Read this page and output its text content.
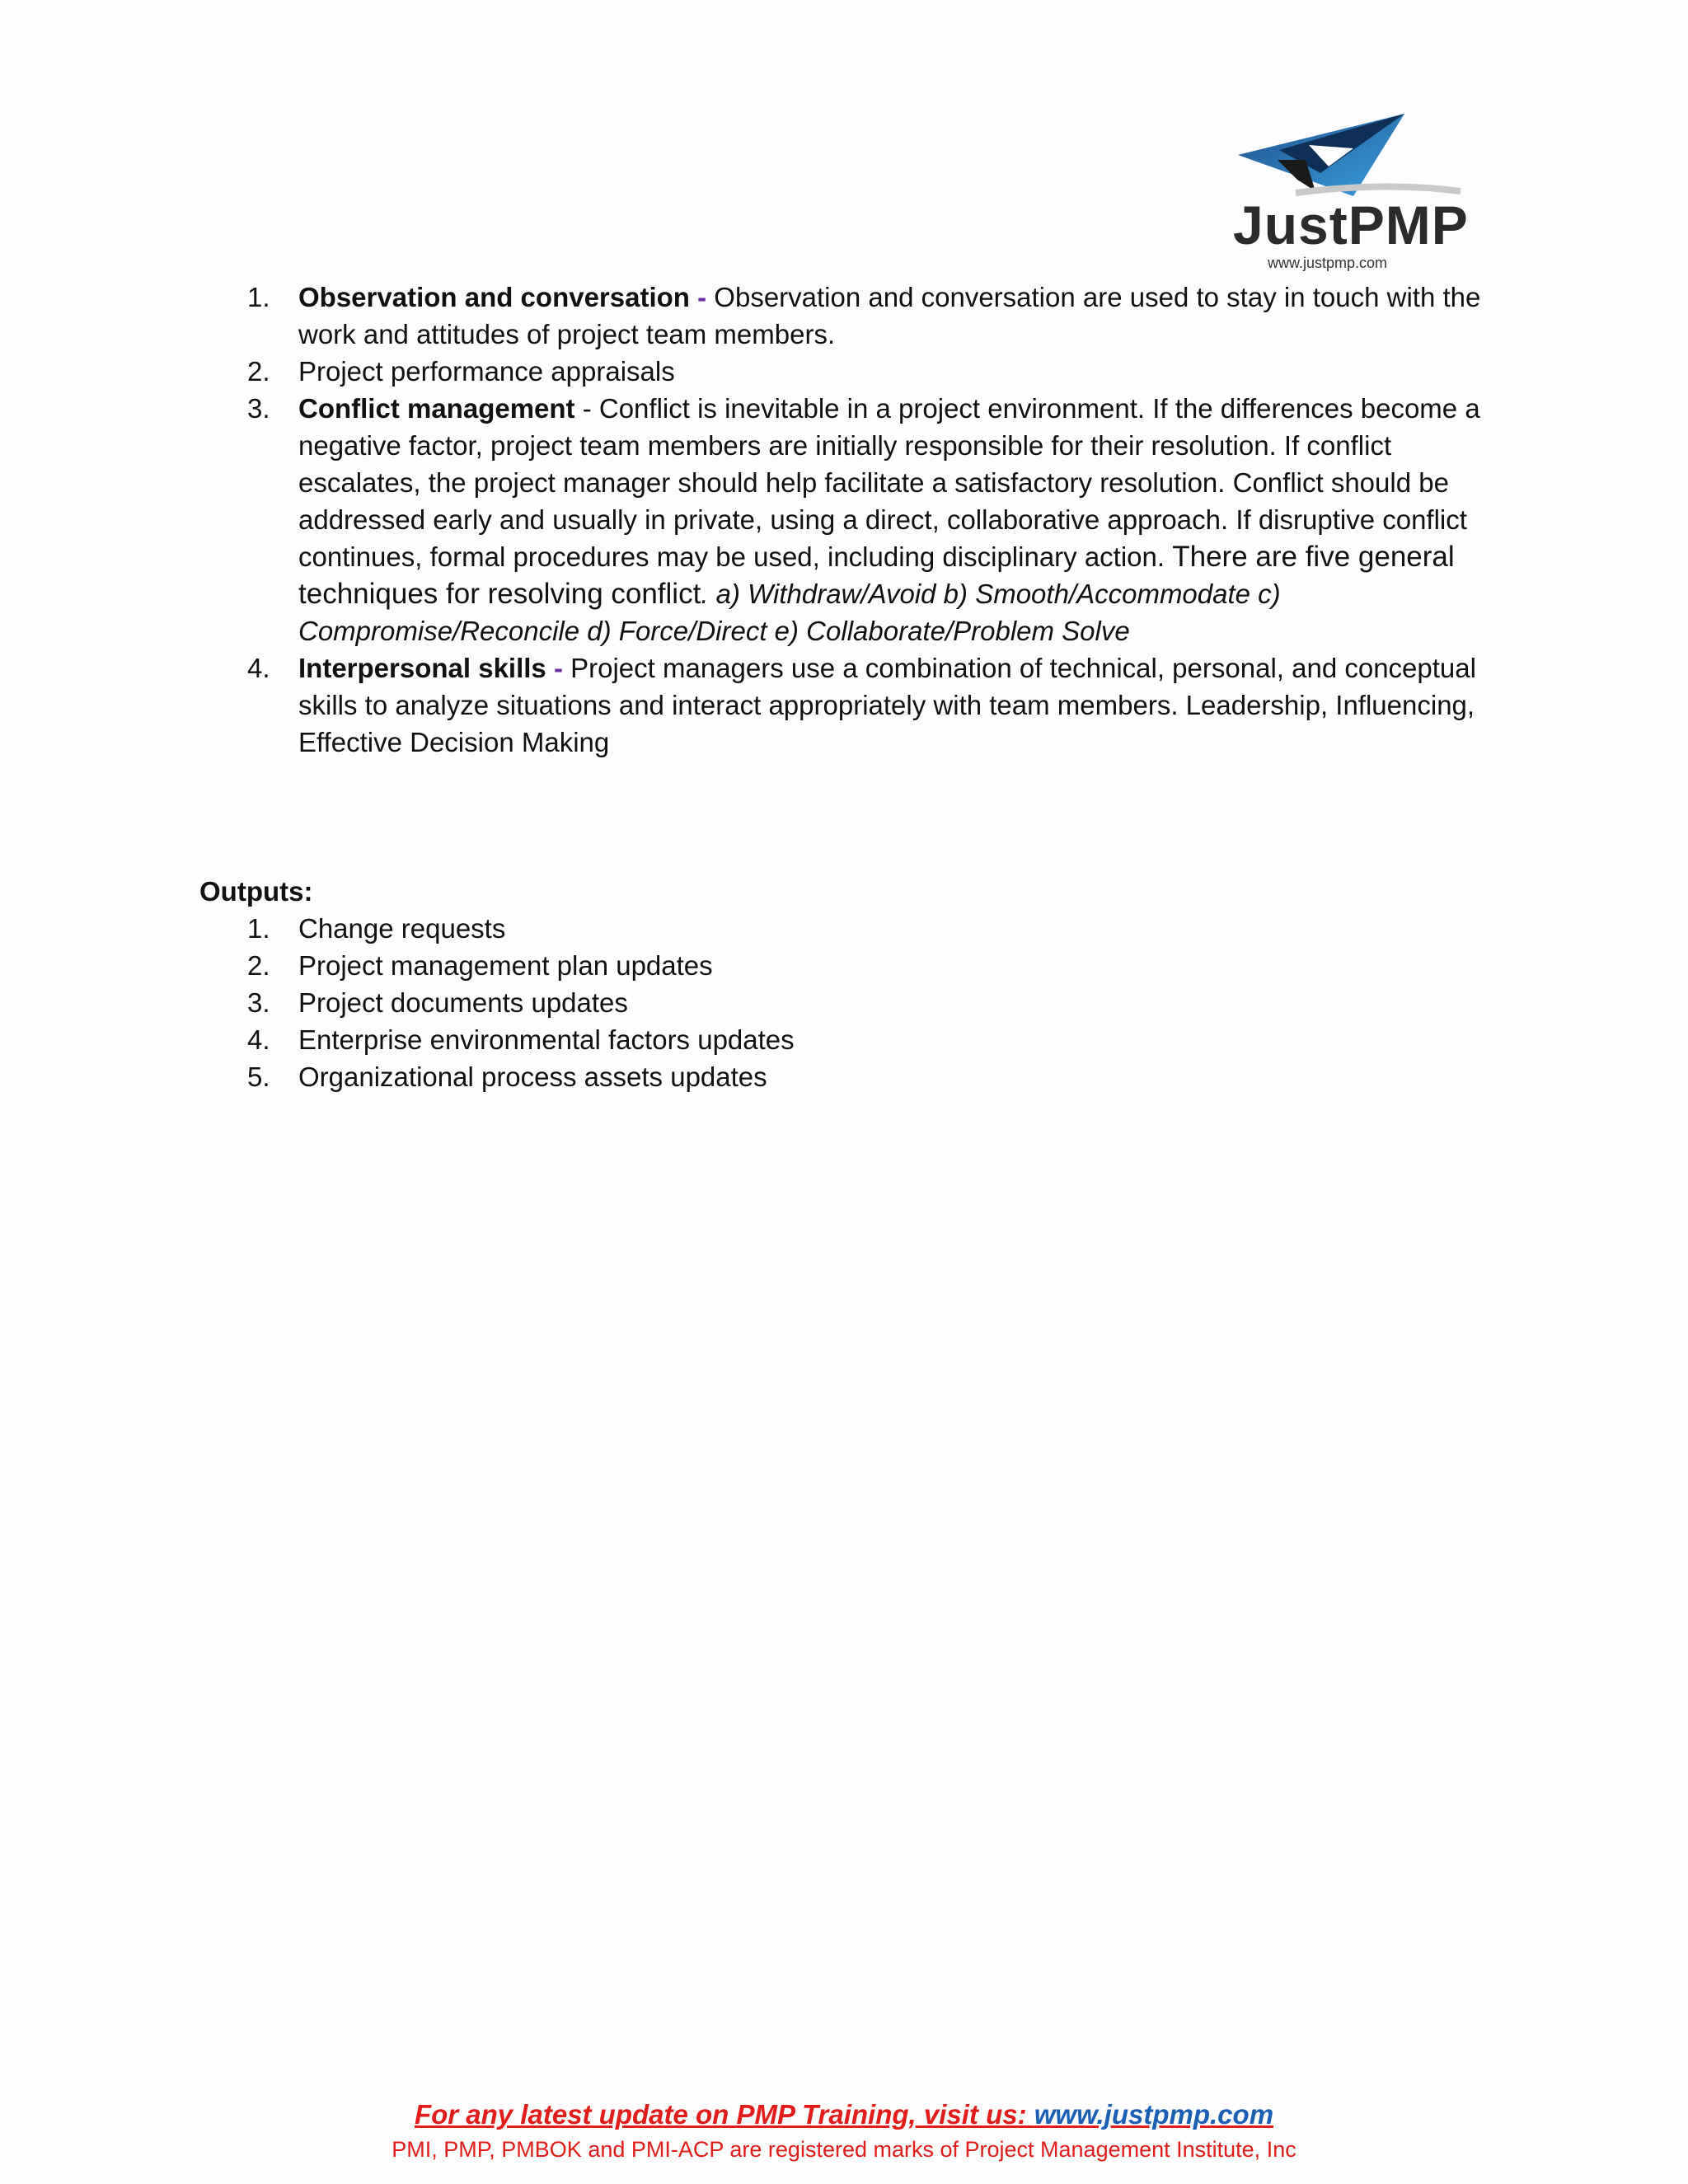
JustPMP
www.justpmp.com
1.	Observation and conversation - Observation and conversation are used to stay in touch with the work and attitudes of project team members.
2.	Project performance appraisals
3.	Conflict management - Conflict is inevitable in a project environment. If the differences become a negative factor, project team members are initially responsible for their resolution. If conflict escalates, the project manager should help facilitate a satisfactory resolution. Conflict should be addressed early and usually in private, using a direct, collaborative approach. If disruptive conflict continues, formal procedures may be used, including disciplinary action. There are five general techniques for resolving conflict. a) Withdraw/Avoid b) Smooth/Accommodate c) Compromise/Reconcile d) Force/Direct e) Collaborate/Problem Solve
4.	Interpersonal skills - Project managers use a combination of technical, personal, and conceptual skills to analyze situations and interact appropriately with team members. Leadership, Influencing, Effective Decision Making
Outputs:
1.	Change requests
2.	Project management plan updates
3.	Project documents updates
4.	Enterprise environmental factors updates
5.	Organizational process assets updates
For any latest update on PMP Training, visit us: www.justpmp.com
PMI, PMP, PMBOK and PMI-ACP are registered marks of Project Management Institute, Inc
